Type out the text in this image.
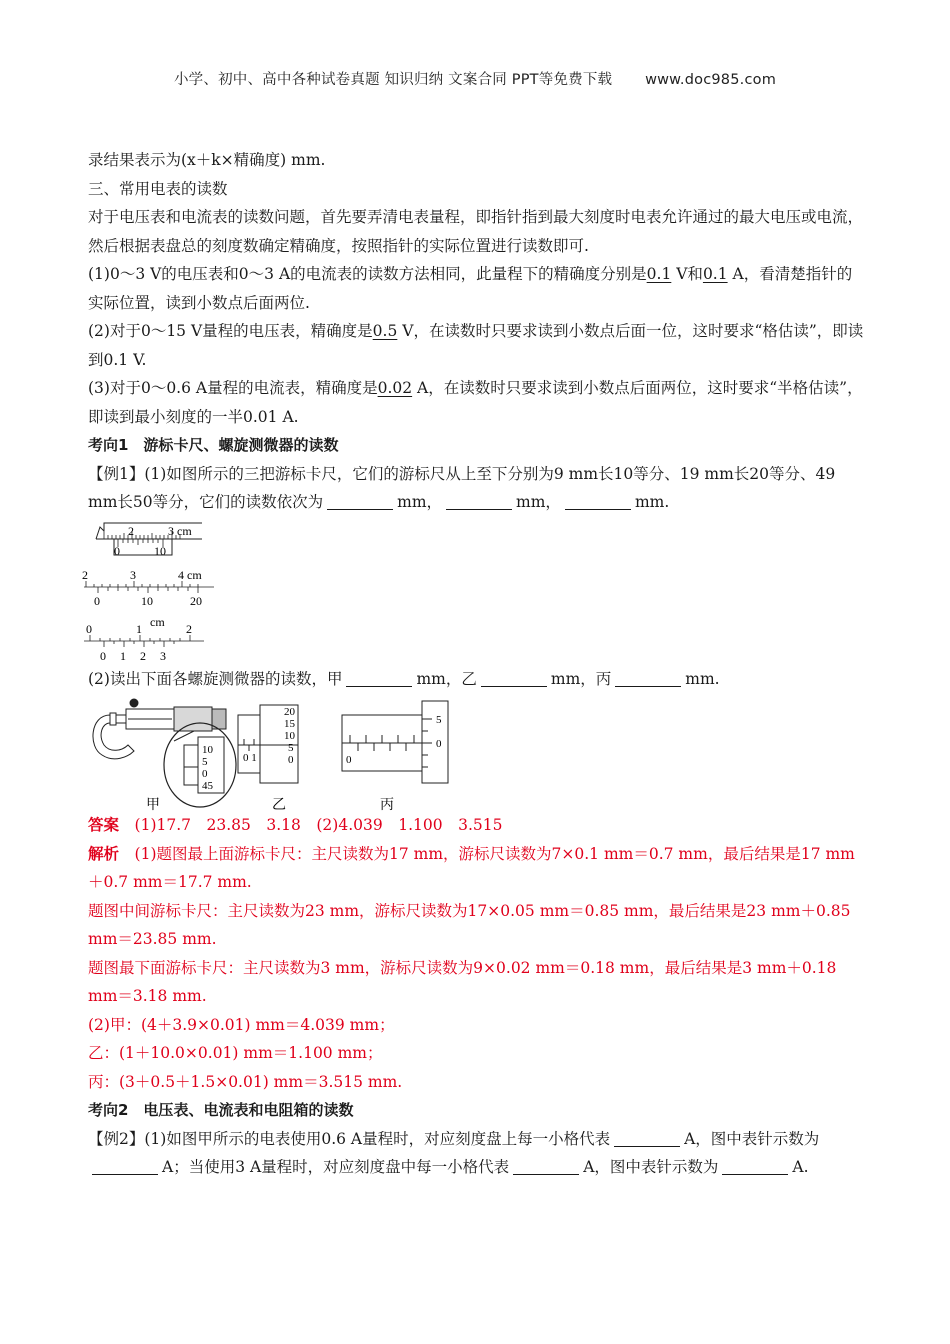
小学、初中、高中各种试卷真题 知识归纳 文案合同 PPT等免费下载 www.doc985.com

录结果表示为(x＋k×精确度) mm.

三、常用电表的读数

对于电压表和电流表的读数问题，首先要弄清电表量程，即指针指到最大刻度时电表允许通过的最大电压或电流，然后根据表盘总的刻度数确定精确度，按照指针的实际位置进行读数即可.

(1)0～3 V的电压表和0～3 A的电流表的读数方法相同，此量程下的精确度分别是0.1 V和0.1 A，看清楚指针的实际位置，读到小数点后面两位.

(2)对于0～15 V量程的电压表，精确度是0.5 V，在读数时只要求读到小数点后面一位，这时要求“格估读”，即读到0.1 V.

(3)对于0～0.6 A量程的电流表，精确度是0.02 A，在读数时只要求读到小数点后面两位，这时要求“半格估读”，即读到最小刻度的一半0.01 A.

考向1　游标卡尺、螺旋测微器的读数

【例1】(1)如图所示的三把游标卡尺，它们的游标尺从上至下分别为9 mm长10等分、19 mm长20等分、49 mm长50等分，它们的读数依次为	mm，	mm，	mm.

2	3 cm
0	10
2	3	4 cm
0	10	20
0	1 cm 2
0 1 2 3

(2)读出下面各螺旋测微器的读数，甲	mm，乙	mm，丙	mm.

10
5
0
45
20
15
10
5
0
0 1
5
0
0
甲	乙	丙

答案　 (1)17.7　23.85　3.18　(2)4.039　1.100　3.515

解析　 (1)题图最上面游标卡尺：主尺读数为17 mm，游标尺读数为7×0.1 mm＝0.7 mm，最后结果是17 mm＋0.7 mm＝17.7 mm.

题图中间游标卡尺：主尺读数为23 mm，游标尺读数为17×0.05 mm＝0.85 mm，最后结果是23 mm＋0.85 mm＝23.85 mm.

题图最下面游标卡尺：主尺读数为3 mm，游标尺读数为9×0.02 mm＝0.18 mm，最后结果是3 mm＋0.18 mm＝3.18 mm.

(2)甲：(4＋3.9×0.01) mm＝4.039 mm；

乙：(1＋10.0×0.01) mm＝1.100 mm；

丙：(3＋0.5＋1.5×0.01) mm＝3.515 mm.

考向2　电压表、电流表和电阻箱的读数

【例2】(1)如图甲所示的电表使用0.6 A量程时，对应刻度盘上每一小格代表	A，图中表针示数为A；当使用3 A量程时，对应刻度盘中每一小格代表	A，图中表针示数为	A.
